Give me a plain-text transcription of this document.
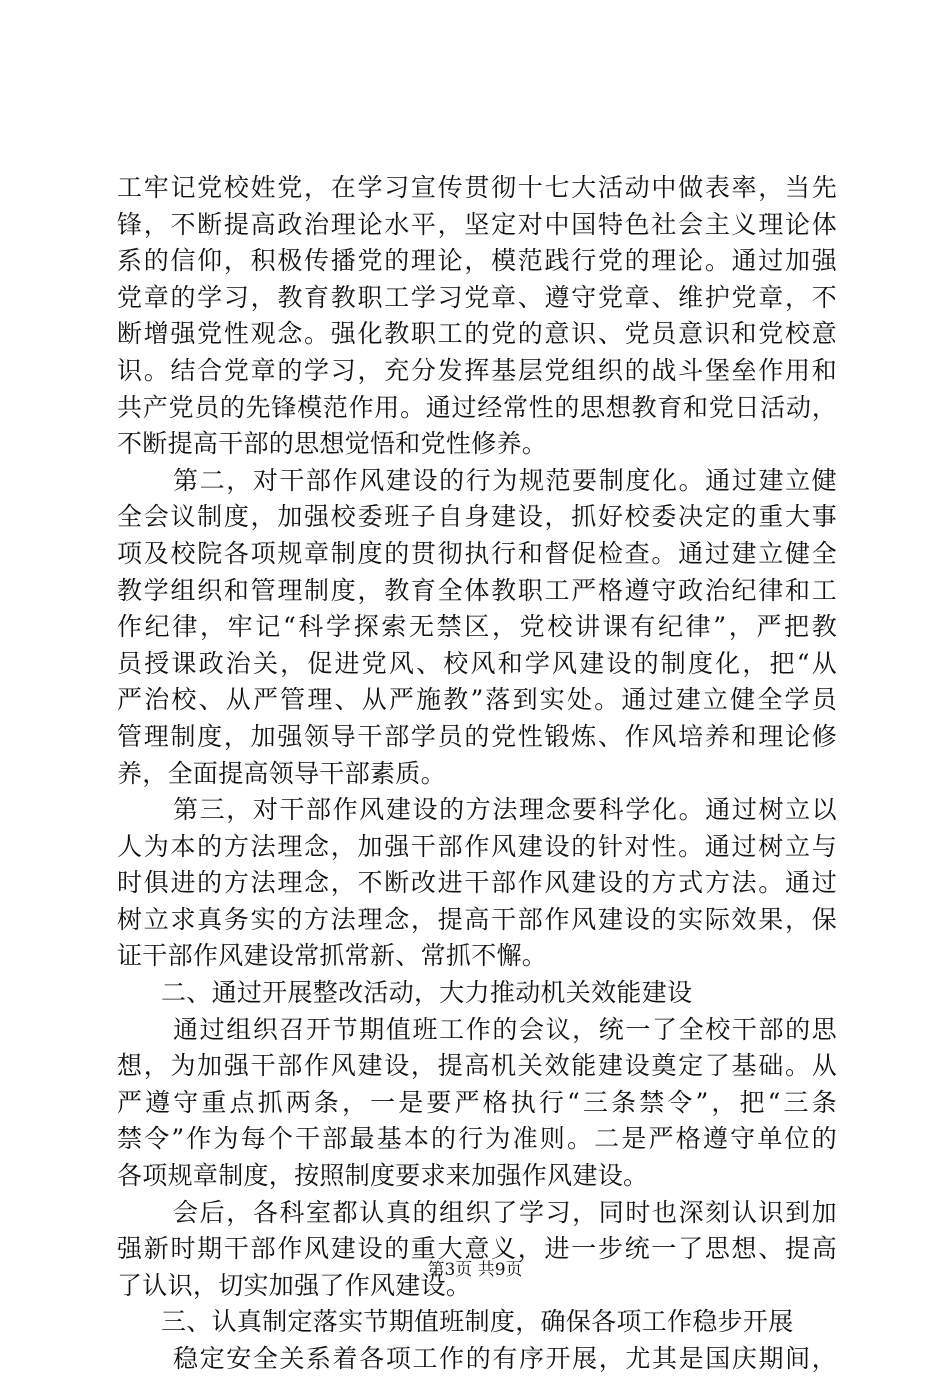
工牢记党校姓党，在学习宣传贯彻十七大活动中做表率，当先
锋，不断提高政治理论水平，坚定对中国特色社会主义理论体
系的信仰，积极传播党的理论，模范践行党的理论。通过加强
党章的学习，教育教职工学习党章、遵守党章、维护党章，不
断增强党性观念。强化教职工的党的意识、党员意识和党校意
识。结合党章的学习，充分发挥基层党组织的战斗堡垒作用和
共产党员的先锋模范作用。通过经常性的思想教育和党日活动，
不断提高干部的思想觉悟和党性修养。
第二，对干部作风建设的行为规范要制度化。通过建立健
全会议制度，加强校委班子自身建设，抓好校委决定的重大事
项及校院各项规章制度的贯彻执行和督促检查。通过建立健全
教学组织和管理制度，教育全体教职工严格遵守政治纪律和工
作纪律，牢记“科学探索无禁区，党校讲课有纪律”，严把教
员授课政治关，促进党风、校风和学风建设的制度化，把“从
严治校、从严管理、从严施教”落到实处。通过建立健全学员
管理制度，加强领导干部学员的党性锻炼、作风培养和理论修
养，全面提高领导干部素质。
第三，对干部作风建设的方法理念要科学化。通过树立以
人为本的方法理念，加强干部作风建设的针对性。通过树立与
时俱进的方法理念，不断改进干部作风建设的方式方法。通过
树立求真务实的方法理念，提高干部作风建设的实际效果，保
证干部作风建设常抓常新、常抓不懈。
二、通过开展整改活动，大力推动机关效能建设
通过组织召开节期值班工作的会议，统一了全校干部的思
想，为加强干部作风建设，提高机关效能建设奠定了基础。从
严遵守重点抓两条，一是要严格执行“三条禁令”，把“三条
禁令”作为每个干部最基本的行为准则。二是严格遵守单位的
各项规章制度，按照制度要求来加强作风建设。
会后，各科室都认真的组织了学习，同时也深刻认识到加
强新时期干部作风建设的重大意义，进一步统一了思想、提高
了认识，切实加强了作风建设。
三、认真制定落实节期值班制度，确保各项工作稳步开展
稳定安全关系着各项工作的有序开展，尤其是国庆期间，
第3页 共9页
